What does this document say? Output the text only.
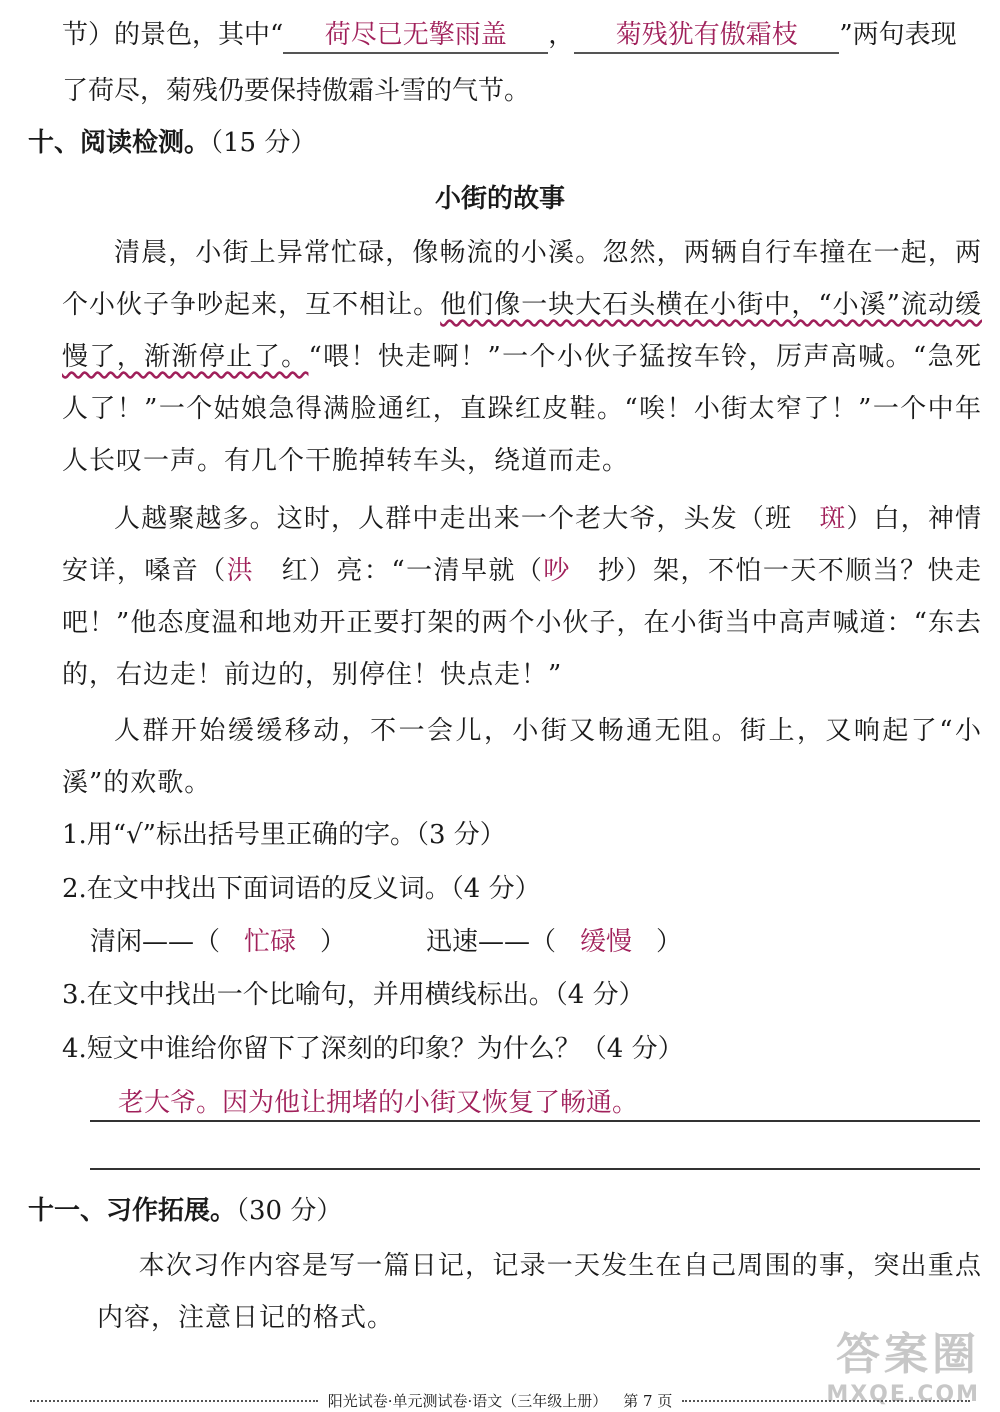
节）的景色，其中“ 荷尽已无擎雨盖 ， 菊残犹有傲霜枝 ”两句表现
了荷尽，菊残仍要保持傲霜斗雪的气节。
十、阅读检测。（15 分）
小街的故事
清晨，小街上异常忙碌，像畅流的小溪。忽然，两辆自行车撞在一起，两个小伙子争吵起来，互不相让。他们像一块大石头横在小街中，“小溪”流动缓慢了，渐渐停止了。“喂！快走啊！”一个小伙子猛按车铃，厉声高喊。“急死人了！”一个姑娘急得满脸通红，直跺红皮鞋。“唉！小街太窄了！”一个中年人长叹一声。有几个干脆掉转车头，绕道而走。
人越聚越多。这时，人群中走出来一个老大爷，头发（班　斑）白，神情安详，嗓音（洪　红）亮：“一清早就（吵　抄）架，不怕一天不顺当？快走吧！”他态度温和地劝开正要打架的两个小伙子，在小街当中高声喊道：“东去的，右边走！前边的，别停住！快点走！”
人群开始缓缓移动，不一会儿，小街又畅通无阻。街上，又响起了“小溪”的欢歌。
1.用“√”标出括号里正确的字。（3 分）
2.在文中找出下面词语的反义词。（4 分）
清闲——（ 忙碌 ）	迅速——（ 缓慢 ）
3.在文中找出一个比喻句，并用横线标出。（4 分）
4.短文中谁给你留下了深刻的印象？为什么？（4 分）
老大爷。因为他让拥堵的小街又恢复了畅通。
十一、习作拓展。（30 分）
本次习作内容是写一篇日记，记录一天发生在自己周围的事，突出重点内容，注意日记的格式。
答案圈
MXQE.COM
阳光试卷·单元测试卷·语文（三年级上册） 第 7 页
